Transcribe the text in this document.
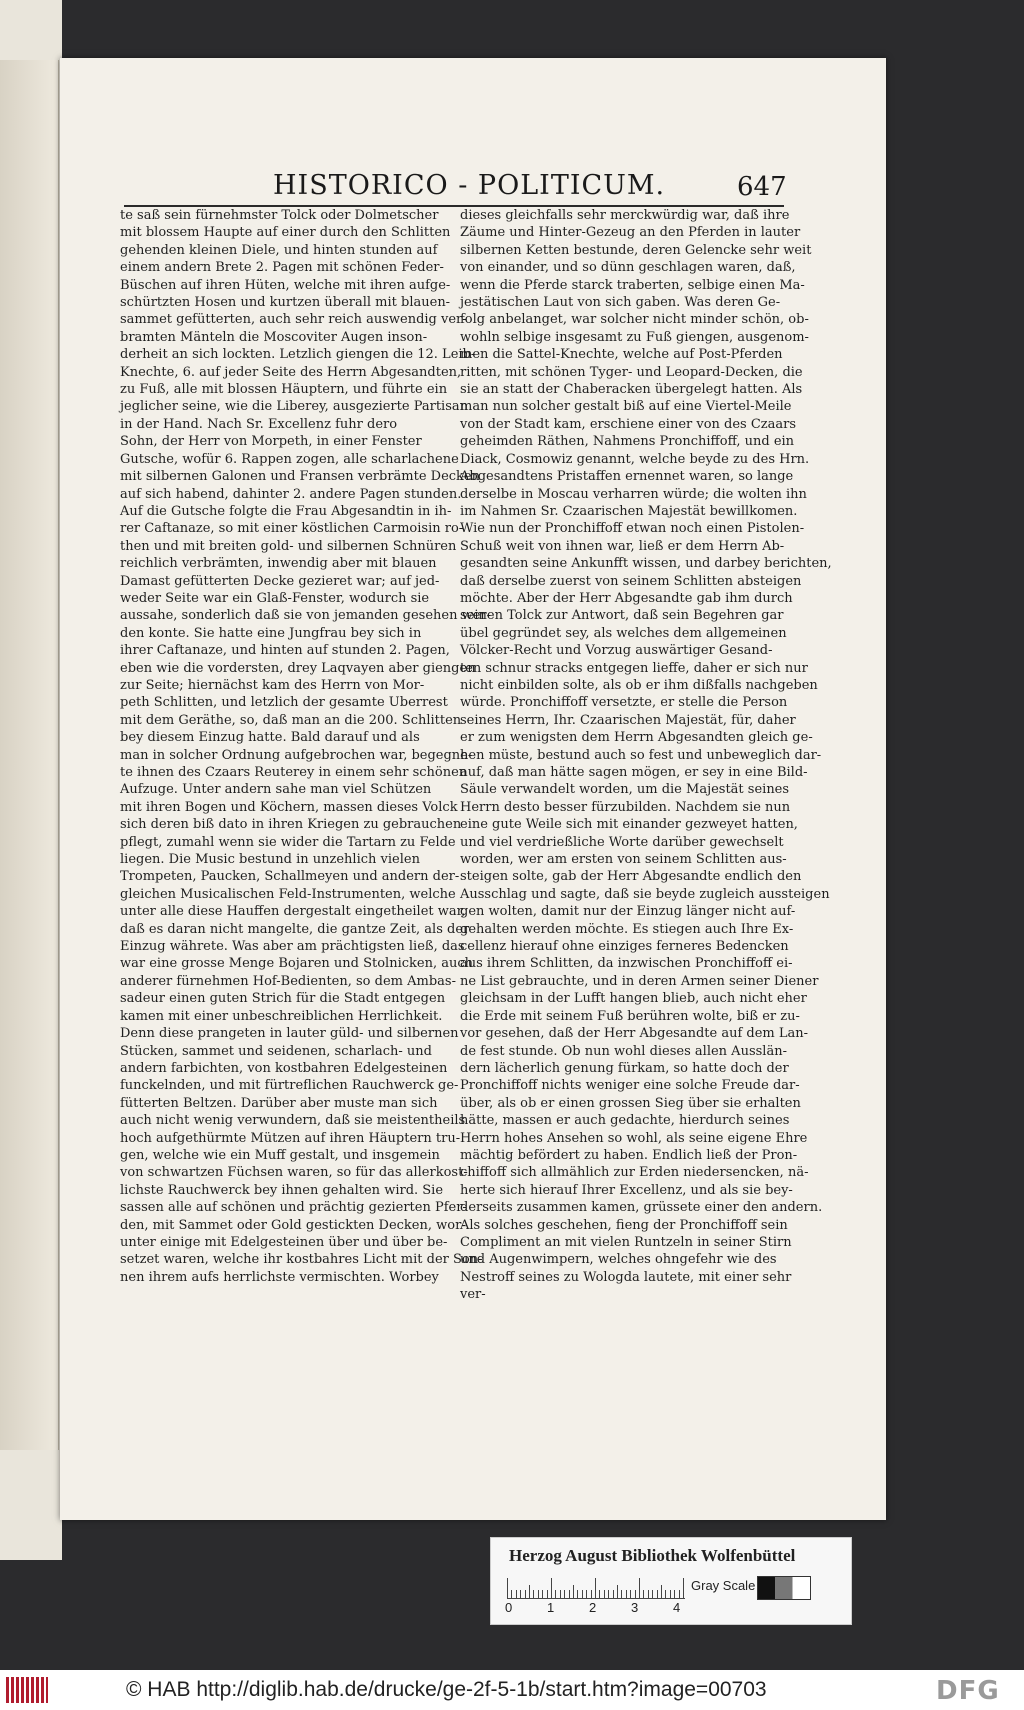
HISTORICO - POLITICUM.	647
te saß sein fürnehmster Tolck oder Dolmetscher
mit blossem Haupte auf einer durch den Schlitten
gehenden kleinen Diele, und hinten stunden auf
einem andern Brete 2. Pagen mit schönen Feder-
Büschen auf ihren Hüten, welche mit ihren aufge-
schürtzten Hosen und kurtzen überall mit blauen-
sammet gefütterten, auch sehr reich auswendig ver-
bramten Mänteln die Moscoviter Augen inson-
derheit an sich lockten. Letzlich giengen die 12. Leib-
Knechte, 6. auf jeder Seite des Herrn Abgesandten,
zu Fuß, alle mit blossen Häuptern, und führte ein
jeglicher seine, wie die Liberey, ausgezierte Partisan
in der Hand. Nach Sr. Excellenz fuhr dero
Sohn, der Herr von Morpeth, in einer Fenster
Gutsche, wofür 6. Rappen zogen, alle scharlachene
mit silbernen Galonen und Fransen verbrämte Decken
auf sich habend, dahinter 2. andere Pagen stunden.
Auf die Gutsche folgte die Frau Abgesandtin in ih-
rer Caftanaze, so mit einer köstlichen Carmoisin ro-
then und mit breiten gold- und silbernen Schnüren
reichlich verbrämten, inwendig aber mit blauen
Damast gefütterten Decke gezieret war; auf jed-
weder Seite war ein Glaß-Fenster, wodurch sie
aussahe, sonderlich daß sie von jemanden gesehen wer-
den konte. Sie hatte eine Jungfrau bey sich in
ihrer Caftanaze, und hinten auf stunden 2. Pagen,
eben wie die vordersten, drey Laqvayen aber giengen
zur Seite; hiernächst kam des Herrn von Mor-
peth Schlitten, und letzlich der gesamte Uberrest
mit dem Geräthe, so, daß man an die 200. Schlitten
bey diesem Einzug hatte. Bald darauf und als
man in solcher Ordnung aufgebrochen war, begegne-
te ihnen des Czaars Reuterey in einem sehr schönen
Aufzuge. Unter andern sahe man viel Schützen
mit ihren Bogen und Köchern, massen dieses Volck
sich deren biß dato in ihren Kriegen zu gebrauchen
pflegt, zumahl wenn sie wider die Tartarn zu Felde
liegen. Die Music bestund in unzehlich vielen
Trompeten, Paucken, Schallmeyen und andern der-
gleichen Musicalischen Feld-Instrumenten, welche
unter alle diese Hauffen dergestalt eingetheilet war,
daß es daran nicht mangelte, die gantze Zeit, als der
Einzug währete. Was aber am prächtigsten ließ, das
war eine grosse Menge Bojaren und Stolnicken, auch
anderer fürnehmen Hof-Bedienten, so dem Ambas-
sadeur einen guten Strich für die Stadt entgegen
kamen mit einer unbeschreiblichen Herrlichkeit.
Denn diese prangeten in lauter güld- und silbernen
Stücken, sammet und seidenen, scharlach- und
andern farbichten, von kostbahren Edelgesteinen
funckelnden, und mit fürtreflichen Rauchwerck ge-
fütterten Beltzen. Darüber aber muste man sich
auch nicht wenig verwundern, daß sie meistentheils
hoch aufgethürmte Mützen auf ihren Häuptern tru-
gen, welche wie ein Muff gestalt, und insgemein
von schwartzen Füchsen waren, so für das allerkost-
lichste Rauchwerck bey ihnen gehalten wird. Sie
sassen alle auf schönen und prächtig gezierten Pfer-
den, mit Sammet oder Gold gestickten Decken, wor-
unter einige mit Edelgesteinen über und über be-
setzet waren, welche ihr kostbahres Licht mit der Son-
nen ihrem aufs herrlichste vermischten. Worbey
dieses gleichfalls sehr merckwürdig war, daß ihre
Zäume und Hinter-Gezeug an den Pferden in lauter
silbernen Ketten bestunde, deren Gelencke sehr weit
von einander, und so dünn geschlagen waren, daß,
wenn die Pferde starck traberten, selbige einen Ma-
jestätischen Laut von sich gaben. Was deren Ge-
folg anbelanget, war solcher nicht minder schön, ob-
wohln selbige insgesamt zu Fuß giengen, ausgenom-
men die Sattel-Knechte, welche auf Post-Pferden
ritten, mit schönen Tyger- und Leopard-Decken, die
sie an statt der Chaberacken übergelegt hatten. Als
man nun solcher gestalt biß auf eine Viertel-Meile
von der Stadt kam, erschiene einer von des Czaars
geheimden Räthen, Nahmens Pronchiffoff, und ein
Diack, Cosmowiz genannt, welche beyde zu des Hrn.
Abgesandtens Pristaffen ernennet waren, so lange
derselbe in Moscau verharren würde; die wolten ihn
im Nahmen Sr. Czaarischen Majestät bewillkomen.
Wie nun der Pronchiffoff etwan noch einen Pistolen-
Schuß weit von ihnen war, ließ er dem Herrn Ab-
gesandten seine Ankunfft wissen, und darbey berichten,
daß derselbe zuerst von seinem Schlitten absteigen
möchte. Aber der Herr Abgesandte gab ihm durch
seinen Tolck zur Antwort, daß sein Begehren gar
übel gegründet sey, als welches dem allgemeinen
Völcker-Recht und Vorzug auswärtiger Gesand-
ten schnur stracks entgegen lieffe, daher er sich nur
nicht einbilden solte, als ob er ihm dißfalls nachgeben
würde. Pronchiffoff versetzte, er stelle die Person
seines Herrn, Ihr. Czaarischen Majestät, für, daher
er zum wenigsten dem Herrn Abgesandten gleich ge-
hen müste, bestund auch so fest und unbeweglich dar-
auf, daß man hätte sagen mögen, er sey in eine Bild-
Säule verwandelt worden, um die Majestät seines
Herrn desto besser fürzubilden. Nachdem sie nun
eine gute Weile sich mit einander gezweyet hatten,
und viel verdrießliche Worte darüber gewechselt
worden, wer am ersten von seinem Schlitten aus-
steigen solte, gab der Herr Abgesandte endlich den
Ausschlag und sagte, daß sie beyde zugleich aussteigen
gen wolten, damit nur der Einzug länger nicht auf-
gehalten werden möchte. Es stiegen auch Ihre Ex-
cellenz hierauf ohne einziges ferneres Bedencken
aus ihrem Schlitten, da inzwischen Pronchiffoff ei-
ne List gebrauchte, und in deren Armen seiner Diener
gleichsam in der Lufft hangen blieb, auch nicht eher
die Erde mit seinem Fuß berühren wolte, biß er zu-
vor gesehen, daß der Herr Abgesandte auf dem Lan-
de fest stunde. Ob nun wohl dieses allen Ausslän-
dern lächerlich genung fürkam, so hatte doch der
Pronchiffoff nichts weniger eine solche Freude dar-
über, als ob er einen grossen Sieg über sie erhalten
hätte, massen er auch gedachte, hierdurch seines
Herrn hohes Ansehen so wohl, als seine eigene Ehre
mächtig befördert zu haben. Endlich ließ der Pron-
chiffoff sich allmählich zur Erden niedersencken, nä-
herte sich hierauf Ihrer Excellenz, und als sie bey-
derseits zusammen kamen, grüssete einer den andern.
Als solches geschehen, fieng der Pronchiffoff sein
Compliment an mit vielen Runtzeln in seiner Stirn
und Augenwimpern, welches ohngefehr wie des
Nestroff seines zu Wologda lautete, mit einer sehr
ver-
Herzog August Bibliothek Wolfenbüttel
0	1	2	3	4
Gray Scale
© HAB http://diglib.hab.de/drucke/ge-2f-5-1b/start.htm?image=00703	DFG
